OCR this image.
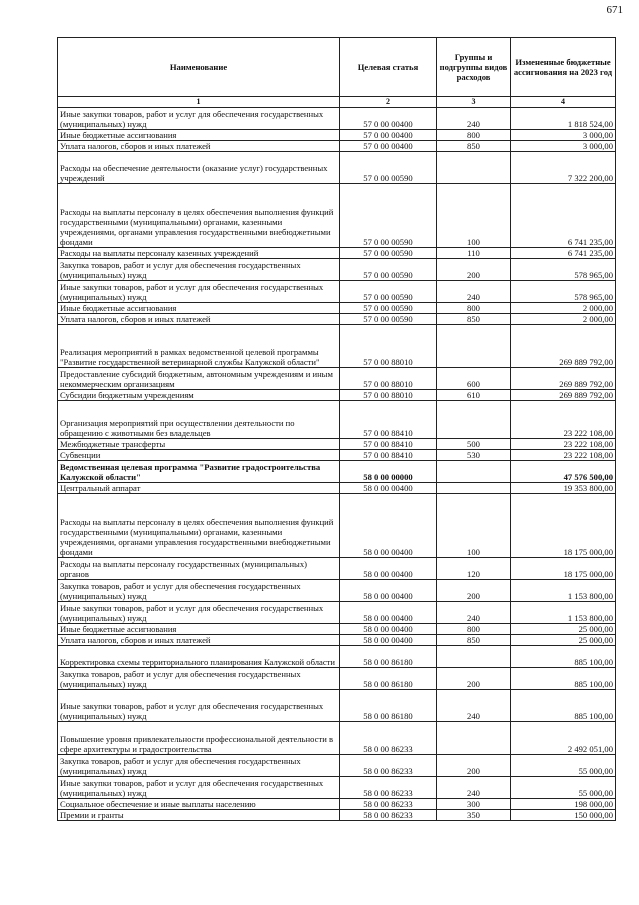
671
Наименование	Целевая статья	Группы и подгруппы видов расходов	Измененные бюджетные ассигнования на 2023 год
1	2	3	4
Иные закупки товаров, работ и услуг для обеспечения государственных (муниципальных) нужд	57 0 00 00400	240	1 818 524,00
Иные бюджетные ассигнования	57 0 00 00400	800	3 000,00
Уплата налогов, сборов и иных платежей	57 0 00 00400	850	3 000,00
Расходы на обеспечение деятельности (оказание услуг) государственных учреждений	57 0 00 00590		7 322 200,00
Расходы на выплаты персоналу в целях обеспечения выполнения функций государственными (муниципальными) органами, казенными учреждениями, органами управления государственными внебюджетными фондами	57 0 00 00590	100	6 741 235,00
Расходы на выплаты персоналу казенных учреждений	57 0 00 00590	110	6 741 235,00
Закупка товаров, работ и услуг для обеспечения государственных (муниципальных) нужд	57 0 00 00590	200	578 965,00
Иные закупки товаров, работ и услуг для обеспечения государственных (муниципальных) нужд	57 0 00 00590	240	578 965,00
Иные бюджетные ассигнования	57 0 00 00590	800	2 000,00
Уплата налогов, сборов и иных платежей	57 0 00 00590	850	2 000,00
Реализация мероприятий в рамках ведомственной целевой программы "Развитие государственной ветеринарной службы Калужской области"	57 0 00 88010		269 889 792,00
Предоставление субсидий бюджетным, автономным учреждениям и иным некоммерческим организациям	57 0 00 88010	600	269 889 792,00
Субсидии бюджетным учреждениям	57 0 00 88010	610	269 889 792,00
Организация мероприятий при осуществлении деятельности по обращению с животными без владельцев	57 0 00 88410		23 222 108,00
Межбюджетные трансферты	57 0 00 88410	500	23 222 108,00
Субвенции	57 0 00 88410	530	23 222 108,00
Ведомственная целевая программа "Развитие градостроительства Калужской области"	58 0 00 00000		47 576 500,00
Центральный аппарат	58 0 00 00400		19 353 800,00
Расходы на выплаты персоналу в целях обеспечения выполнения функций государственными (муниципальными) органами, казенными учреждениями, органами управления государственными внебюджетными фондами	58 0 00 00400	100	18 175 000,00
Расходы на выплаты персоналу государственных (муниципальных) органов	58 0 00 00400	120	18 175 000,00
Закупка товаров, работ и услуг для обеспечения государственных (муниципальных) нужд	58 0 00 00400	200	1 153 800,00
Иные закупки товаров, работ и услуг для обеспечения государственных (муниципальных) нужд	58 0 00 00400	240	1 153 800,00
Иные бюджетные ассигнования	58 0 00 00400	800	25 000,00
Уплата налогов, сборов и иных платежей	58 0 00 00400	850	25 000,00
Корректировка схемы территориального планирования Калужской области	58 0 00 86180		885 100,00
Закупка товаров, работ и услуг для обеспечения государственных (муниципальных) нужд	58 0 00 86180	200	885 100,00
Иные закупки товаров, работ и услуг для обеспечения государственных (муниципальных) нужд	58 0 00 86180	240	885 100,00
Повышение уровня привлекательности профессиональной деятельности в сфере архитектуры и градостроительства	58 0 00 86233		2 492 051,00
Закупка товаров, работ и услуг для обеспечения государственных (муниципальных) нужд	58 0 00 86233	200	55 000,00
Иные закупки товаров, работ и услуг для обеспечения государственных (муниципальных) нужд	58 0 00 86233	240	55 000,00
Социальное обеспечение и иные выплаты населению	58 0 00 86233	300	198 000,00
Премии и гранты	58 0 00 86233	350	150 000,00
